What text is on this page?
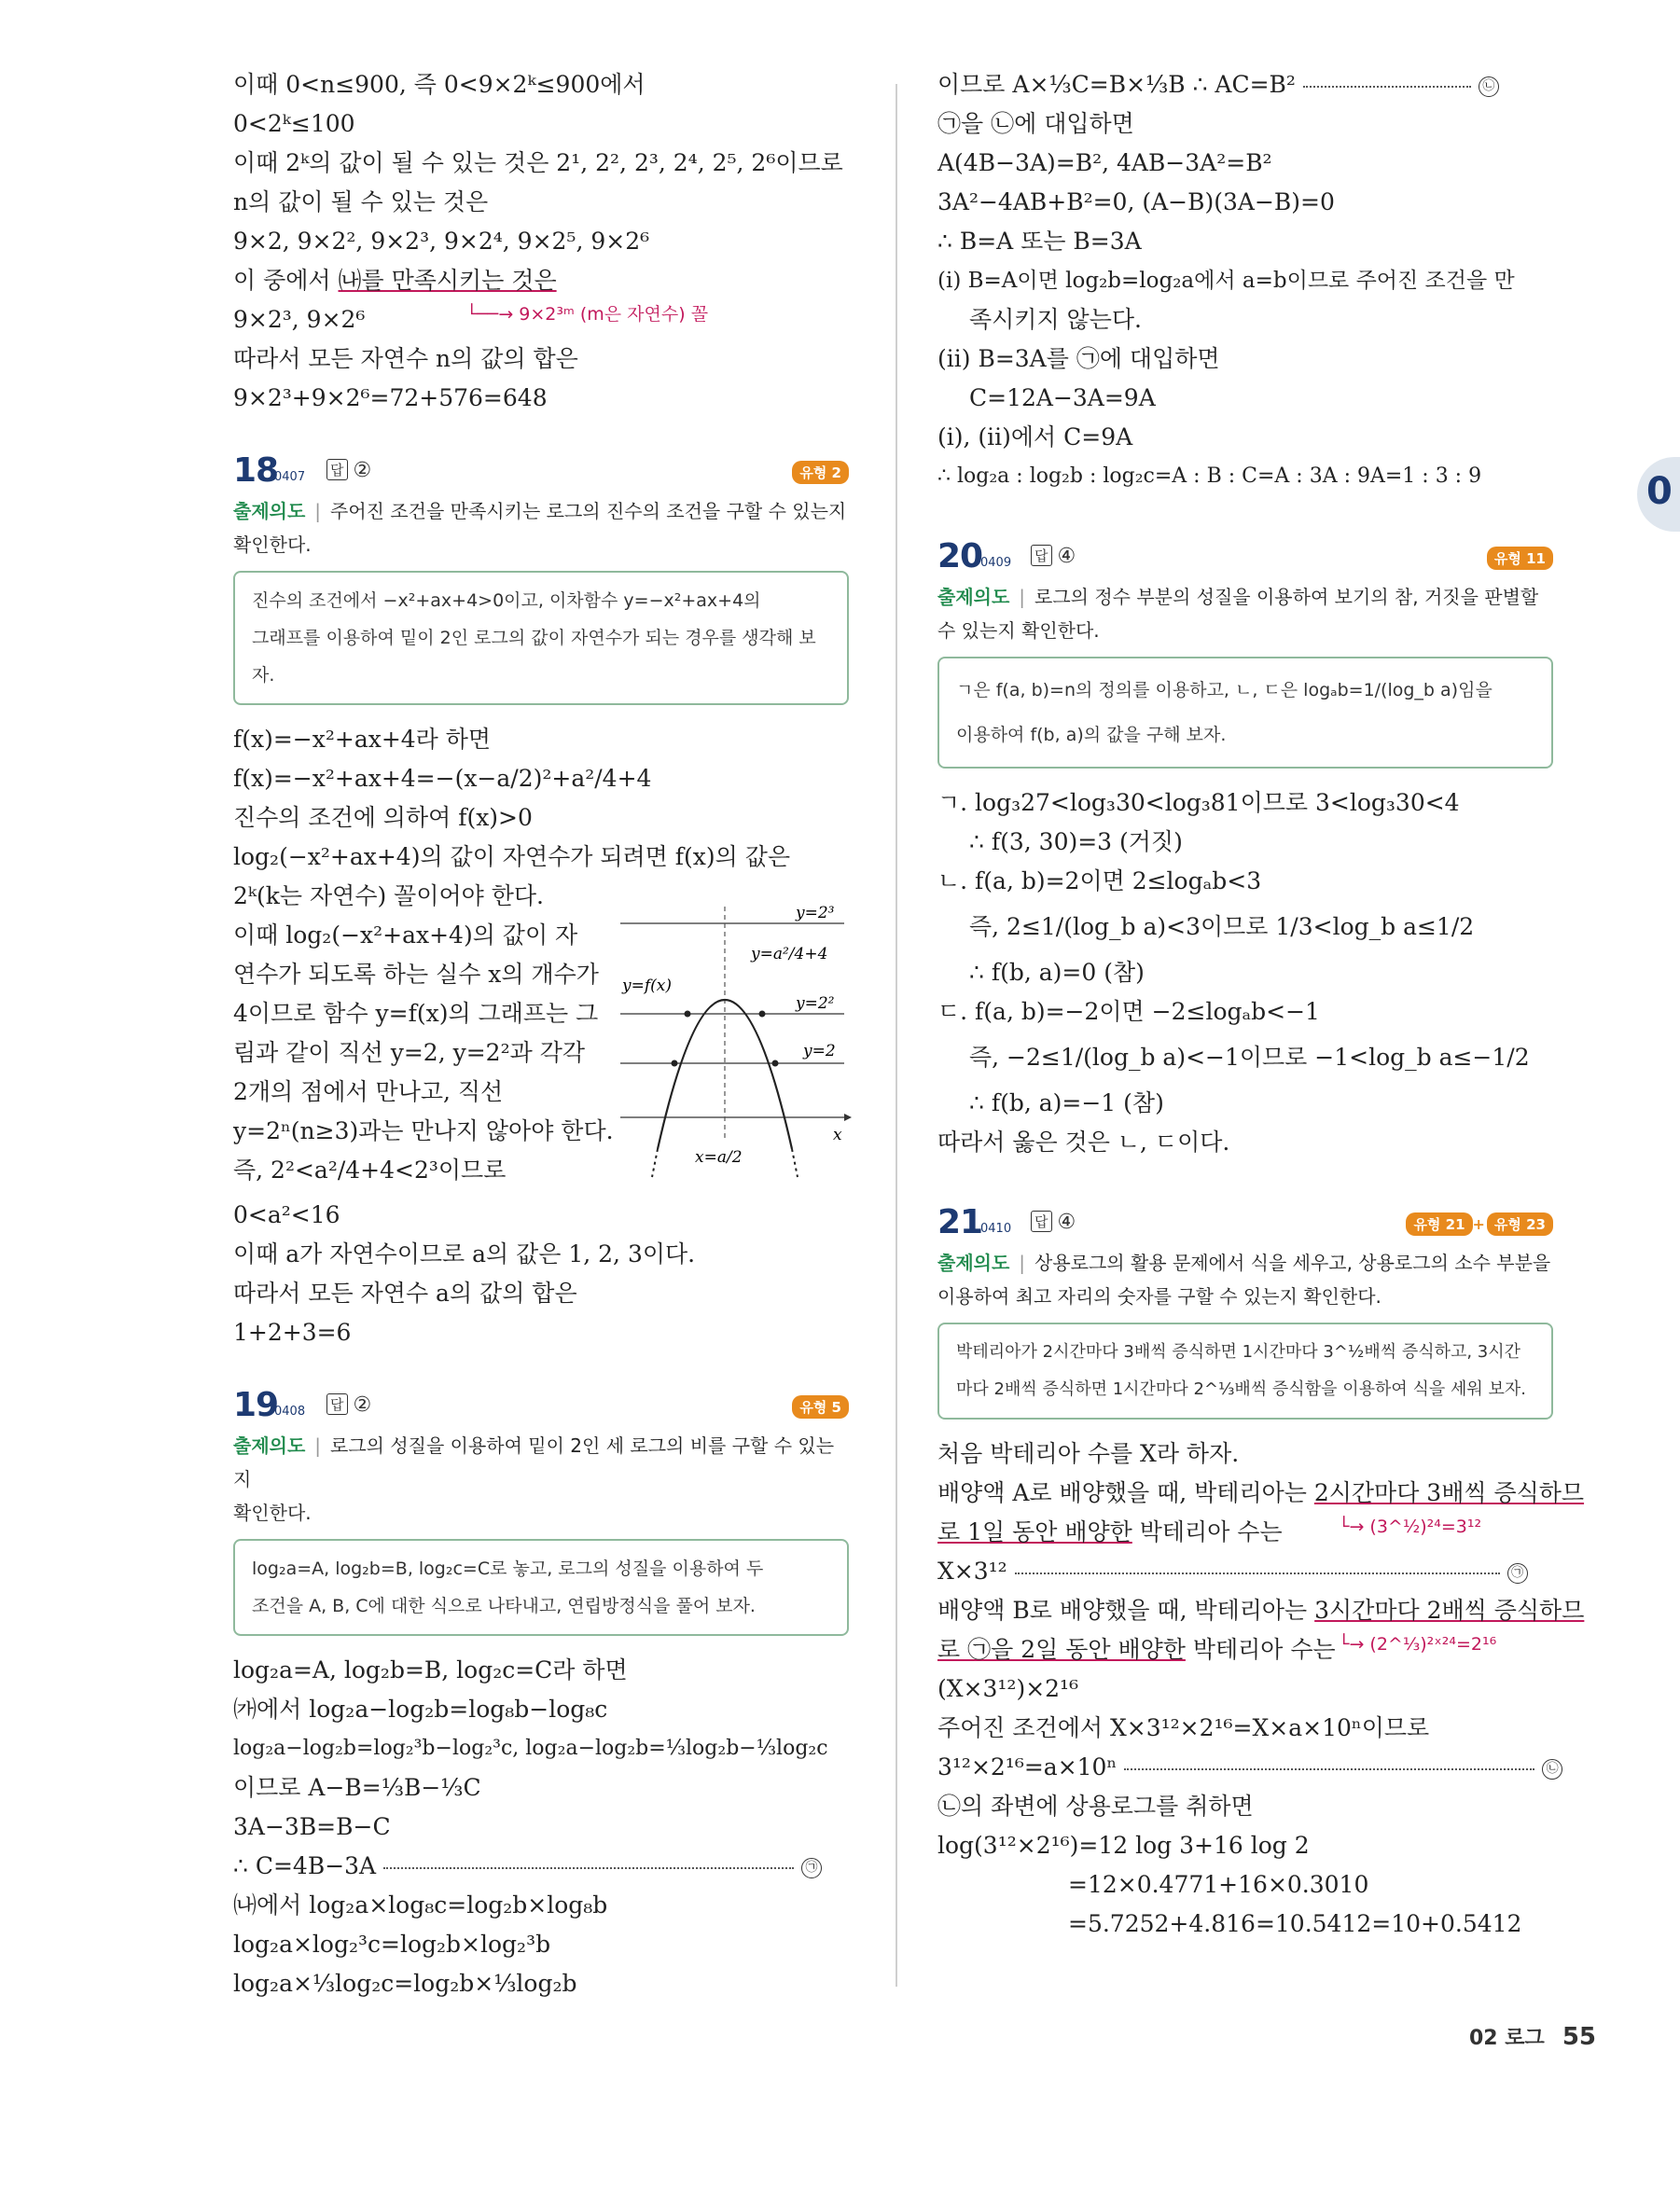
0
이때 0<n≤900, 즉 0<9×2ᵏ≤900에서
0<2ᵏ≤100
이때 2ᵏ의 값이 될 수 있는 것은 2¹, 2², 2³, 2⁴, 2⁵, 2⁶이므로
n의 값이 될 수 있는 것은
9×2, 9×2², 9×2³, 9×2⁴, 9×2⁵, 9×2⁶
이 중에서 ㈏를 만족시키는 것은
9×2³, 9×2⁶	└──→ 9×2³ᵐ (m은 자연수) 꼴
따라서 모든 자연수 n의 값의 합은
9×2³+9×2⁶=72+576=648
18
0407 답 ②	유형 2
출제의도 | 주어진 조건을 만족시키는 로그의 진수의 조건을 구할 수 있는지
확인한다.
진수의 조건에서 −x²+ax+4>0이고, 이차함수 y=−x²+ax+4의
그래프를 이용하여 밑이 2인 로그의 값이 자연수가 되는 경우를 생각해 보자.
f(x)=−x²+ax+4라 하면
f(x)=−x²+ax+4=−(x−a/2)²+a²/4+4
진수의 조건에 의하여 f(x)>0
log₂(−x²+ax+4)의 값이 자연수가 되려면 f(x)의 값은
2ᵏ(k는 자연수) 꼴이어야 한다.
이때 log₂(−x²+ax+4)의 값이 자
연수가 되도록 하는 실수 x의 개수가
4이므로 함수 y=f(x)의 그래프는 그
림과 같이 직선 y=2, y=2²과 각각
2개의 점에서 만나고, 직선
y=2ⁿ(n≥3)과는 만나지 않아야 한다.
즉, 2²<a²/4+4<2³이므로
y=2³
y=a²/4+4
y=f(x)
y=2²
y=2
x
x=a/2
0<a²<16
이때 a가 자연수이므로 a의 값은 1, 2, 3이다.
따라서 모든 자연수 a의 값의 합은
1+2+3=6
19
0408 답 ②	유형 5
출제의도 | 로그의 성질을 이용하여 밑이 2인 세 로그의 비를 구할 수 있는지
확인한다.
log₂a=A, log₂b=B, log₂c=C로 놓고, 로그의 성질을 이용하여 두
조건을 A, B, C에 대한 식으로 나타내고, 연립방정식을 풀어 보자.
log₂a=A, log₂b=B, log₂c=C라 하면
㈎에서 log₂a−log₂b=log₈b−log₈c
log₂a−log₂b=log₂³b−log₂³c, log₂a−log₂b=⅓log₂b−⅓log₂c
이므로 A−B=⅓B−⅓C
3A−3B=B−C
∴ C=4B−3A	㉠
㈏에서 log₂a×log₈c=log₂b×log₈b
log₂a×log₂³c=log₂b×log₂³b
log₂a×⅓log₂c=log₂b×⅓log₂b
이므로 A×⅓C=B×⅓B ∴ AC=B²	㉡
㉠을 ㉡에 대입하면
A(4B−3A)=B², 4AB−3A²=B²
3A²−4AB+B²=0, (A−B)(3A−B)=0
∴ B=A 또는 B=3A
(i) B=A이면 log₂b=log₂a에서 a=b이므로 주어진 조건을 만
족시키지 않는다.
(ii) B=3A를 ㉠에 대입하면
C=12A−3A=9A
(i), (ii)에서 C=9A
∴ log₂a : log₂b : log₂c=A : B : C=A : 3A : 9A=1 : 3 : 9
20
0409 답 ④	유형 11
출제의도 | 로그의 정수 부분의 성질을 이용하여 보기의 참, 거짓을 판별할
수 있는지 확인한다.
ㄱ은 f(a, b)=n의 정의를 이용하고, ㄴ, ㄷ은 logₐb=1/(log_b a)임을
이용하여 f(b, a)의 값을 구해 보자.
ㄱ. log₃27<log₃30<log₃81이므로 3<log₃30<4
∴ f(3, 30)=3 (거짓)
ㄴ. f(a, b)=2이면 2≤logₐb<3
즉, 2≤1/(log_b a)<3이므로 1/3<log_b a≤1/2
∴ f(b, a)=0 (참)
ㄷ. f(a, b)=−2이면 −2≤logₐb<−1
즉, −2≤1/(log_b a)<−1이므로 −1<log_b a≤−1/2
∴ f(b, a)=−1 (참)
따라서 옳은 것은 ㄴ, ㄷ이다.
21
0410 답 ④	유형 21 + 유형 23
출제의도 | 상용로그의 활용 문제에서 식을 세우고, 상용로그의 소수 부분을
이용하여 최고 자리의 숫자를 구할 수 있는지 확인한다.
박테리아가 2시간마다 3배씩 증식하면 1시간마다 3^½배씩 증식하고, 3시간
마다 2배씩 증식하면 1시간마다 2^⅓배씩 증식함을 이용하여 식을 세워 보자.
처음 박테리아 수를 X라 하자.
배양액 A로 배양했을 때, 박테리아는 2시간마다 3배씩 증식하므
로 1일 동안 배양한 박테리아 수는	└→ (3^½)²⁴=3¹²
X×3¹²	㉠
배양액 B로 배양했을 때, 박테리아는 3시간마다 2배씩 증식하므
로 ㉠을 2일 동안 배양한 박테리아 수는 └→ (2^⅓)²ˣ²⁴=2¹⁶
(X×3¹²)×2¹⁶
주어진 조건에서 X×3¹²×2¹⁶=X×a×10ⁿ이므로
3¹²×2¹⁶=a×10ⁿ	㉡
㉡의 좌변에 상용로그를 취하면
log(3¹²×2¹⁶)=12 log 3+16 log 2
=12×0.4771+16×0.3010
=5.7252+4.816=10.5412=10+0.5412
02 로그 55
